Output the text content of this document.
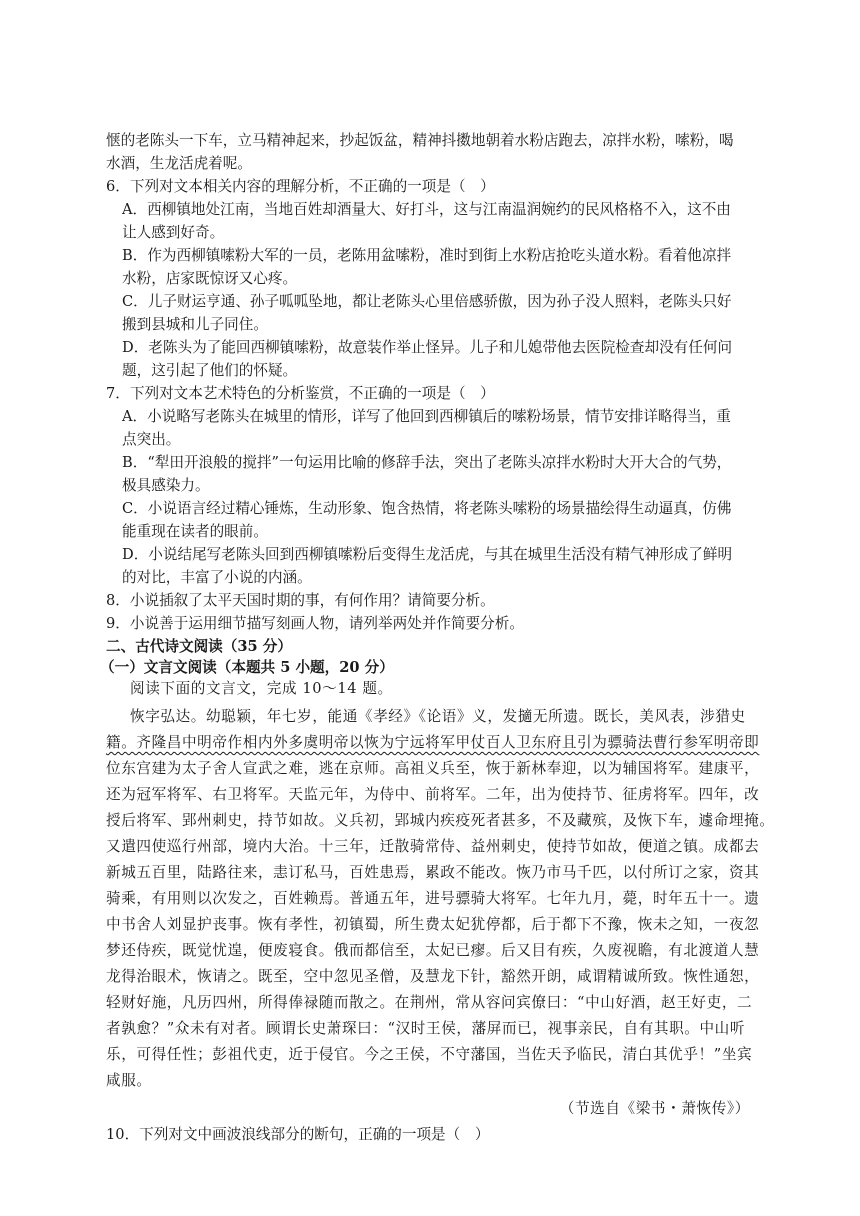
惬的老陈头一下车，立马精神起来，抄起饭盆，精神抖擞地朝着水粉店跑去，凉拌水粉，嗦粉，喝
水酒，生龙活虎着呢。
6．下列对文本相关内容的理解分析，不正确的一项是（　）
A．西柳镇地处江南，当地百姓却酒量大、好打斗，这与江南温润婉约的民风格格不入，这不由
让人感到好奇。
B．作为西柳镇嗦粉大军的一员，老陈用盆嗦粉，准时到街上水粉店抢吃头道水粉。看着他凉拌
水粉，店家既惊讶又心疼。
C．儿子财运亨通、孙子呱呱坠地，都让老陈头心里倍感骄傲，因为孙子没人照料，老陈头只好
搬到县城和儿子同住。
D．老陈头为了能回西柳镇嗦粉，故意装作举止怪异。儿子和儿媳带他去医院检查却没有任何问
题，这引起了他们的怀疑。
7．下列对文本艺术特色的分析鉴赏，不正确的一项是（　）
A．小说略写老陈头在城里的情形，详写了他回到西柳镇后的嗦粉场景，情节安排详略得当，重
点突出。
B．“犁田开浪般的搅拌”一句运用比喻的修辞手法，突出了老陈头凉拌水粉时大开大合的气势，
极具感染力。
C．小说语言经过精心锤炼，生动形象、饱含热情，将老陈头嗦粉的场景描绘得生动逼真，仿佛
能重现在读者的眼前。
D．小说结尾写老陈头回到西柳镇嗦粉后变得生龙活虎，与其在城里生活没有精气神形成了鲜明
的对比，丰富了小说的内涵。
8．小说插叙了太平天国时期的事，有何作用？请简要分析。
9．小说善于运用细节描写刻画人物，请列举两处并作简要分析。
二、古代诗文阅读（35 分）
（一）文言文阅读（本题共 5 小题，20 分）
阅读下面的文言文，完成 10～14 题。
恢字弘达。幼聪颖，年七岁，能通《孝经》《论语》义，发擿无所遗。既长，美风表，涉猎史
籍。齐隆昌中明帝作相内外多虞明帝以恢为宁远将军甲仗百人卫东府且引为骠骑法曹行参军明帝即
位东宫建为太子舍人宣武之难，逃在京师。高祖义兵至，恢于新林奉迎，以为辅国将军。建康平，
还为冠军将军、右卫将军。天监元年，为侍中、前将军。二年，出为使持节、征虏将军。四年，改
授后将军、郢州刺史，持节如故。义兵初，郢城内疾疫死者甚多，不及藏殡，及恢下车，遽命埋掩。
又遣四使巡行州部，境内大治。十三年，迁散骑常侍、益州刺史，使持节如故，便道之镇。成都去
新城五百里，陆路往来，恚订私马，百姓患焉，累政不能改。恢乃市马千匹，以付所订之家，资其
骑乘，有用则以次发之，百姓赖焉。普通五年，进号骠骑大将军。七年九月，薨，时年五十一。遗
中书舍人刘显护丧事。恢有孝性，初镇蜀，所生费太妃犹停都，后于都下不豫，恢未之知，一夜忽
梦还侍疾，既觉忧遑，便废寝食。俄而都信至，太妃已瘳。后又目有疾，久废视瞻，有北渡道人慧
龙得治眼术，恢请之。既至，空中忽见圣僧，及慧龙下针，豁然开朗，咸谓精诚所致。恢性通恕，
轻财好施，凡历四州，所得俸禄随而散之。在荆州，常从容问宾僚曰：“中山好酒，赵王好吏，二
者孰愈？”众未有对者。顾谓长史萧琛曰：“汉时王侯，藩屏而已，视事亲民，自有其职。中山听
乐，可得任性；彭祖代吏，近于侵官。今之王侯，不守藩国，当佐天予临民，清白其优乎！”坐宾
咸服。
（节选自《梁书・萧恢传》）
10．下列对文中画波浪线部分的断句，正确的一项是（　）
